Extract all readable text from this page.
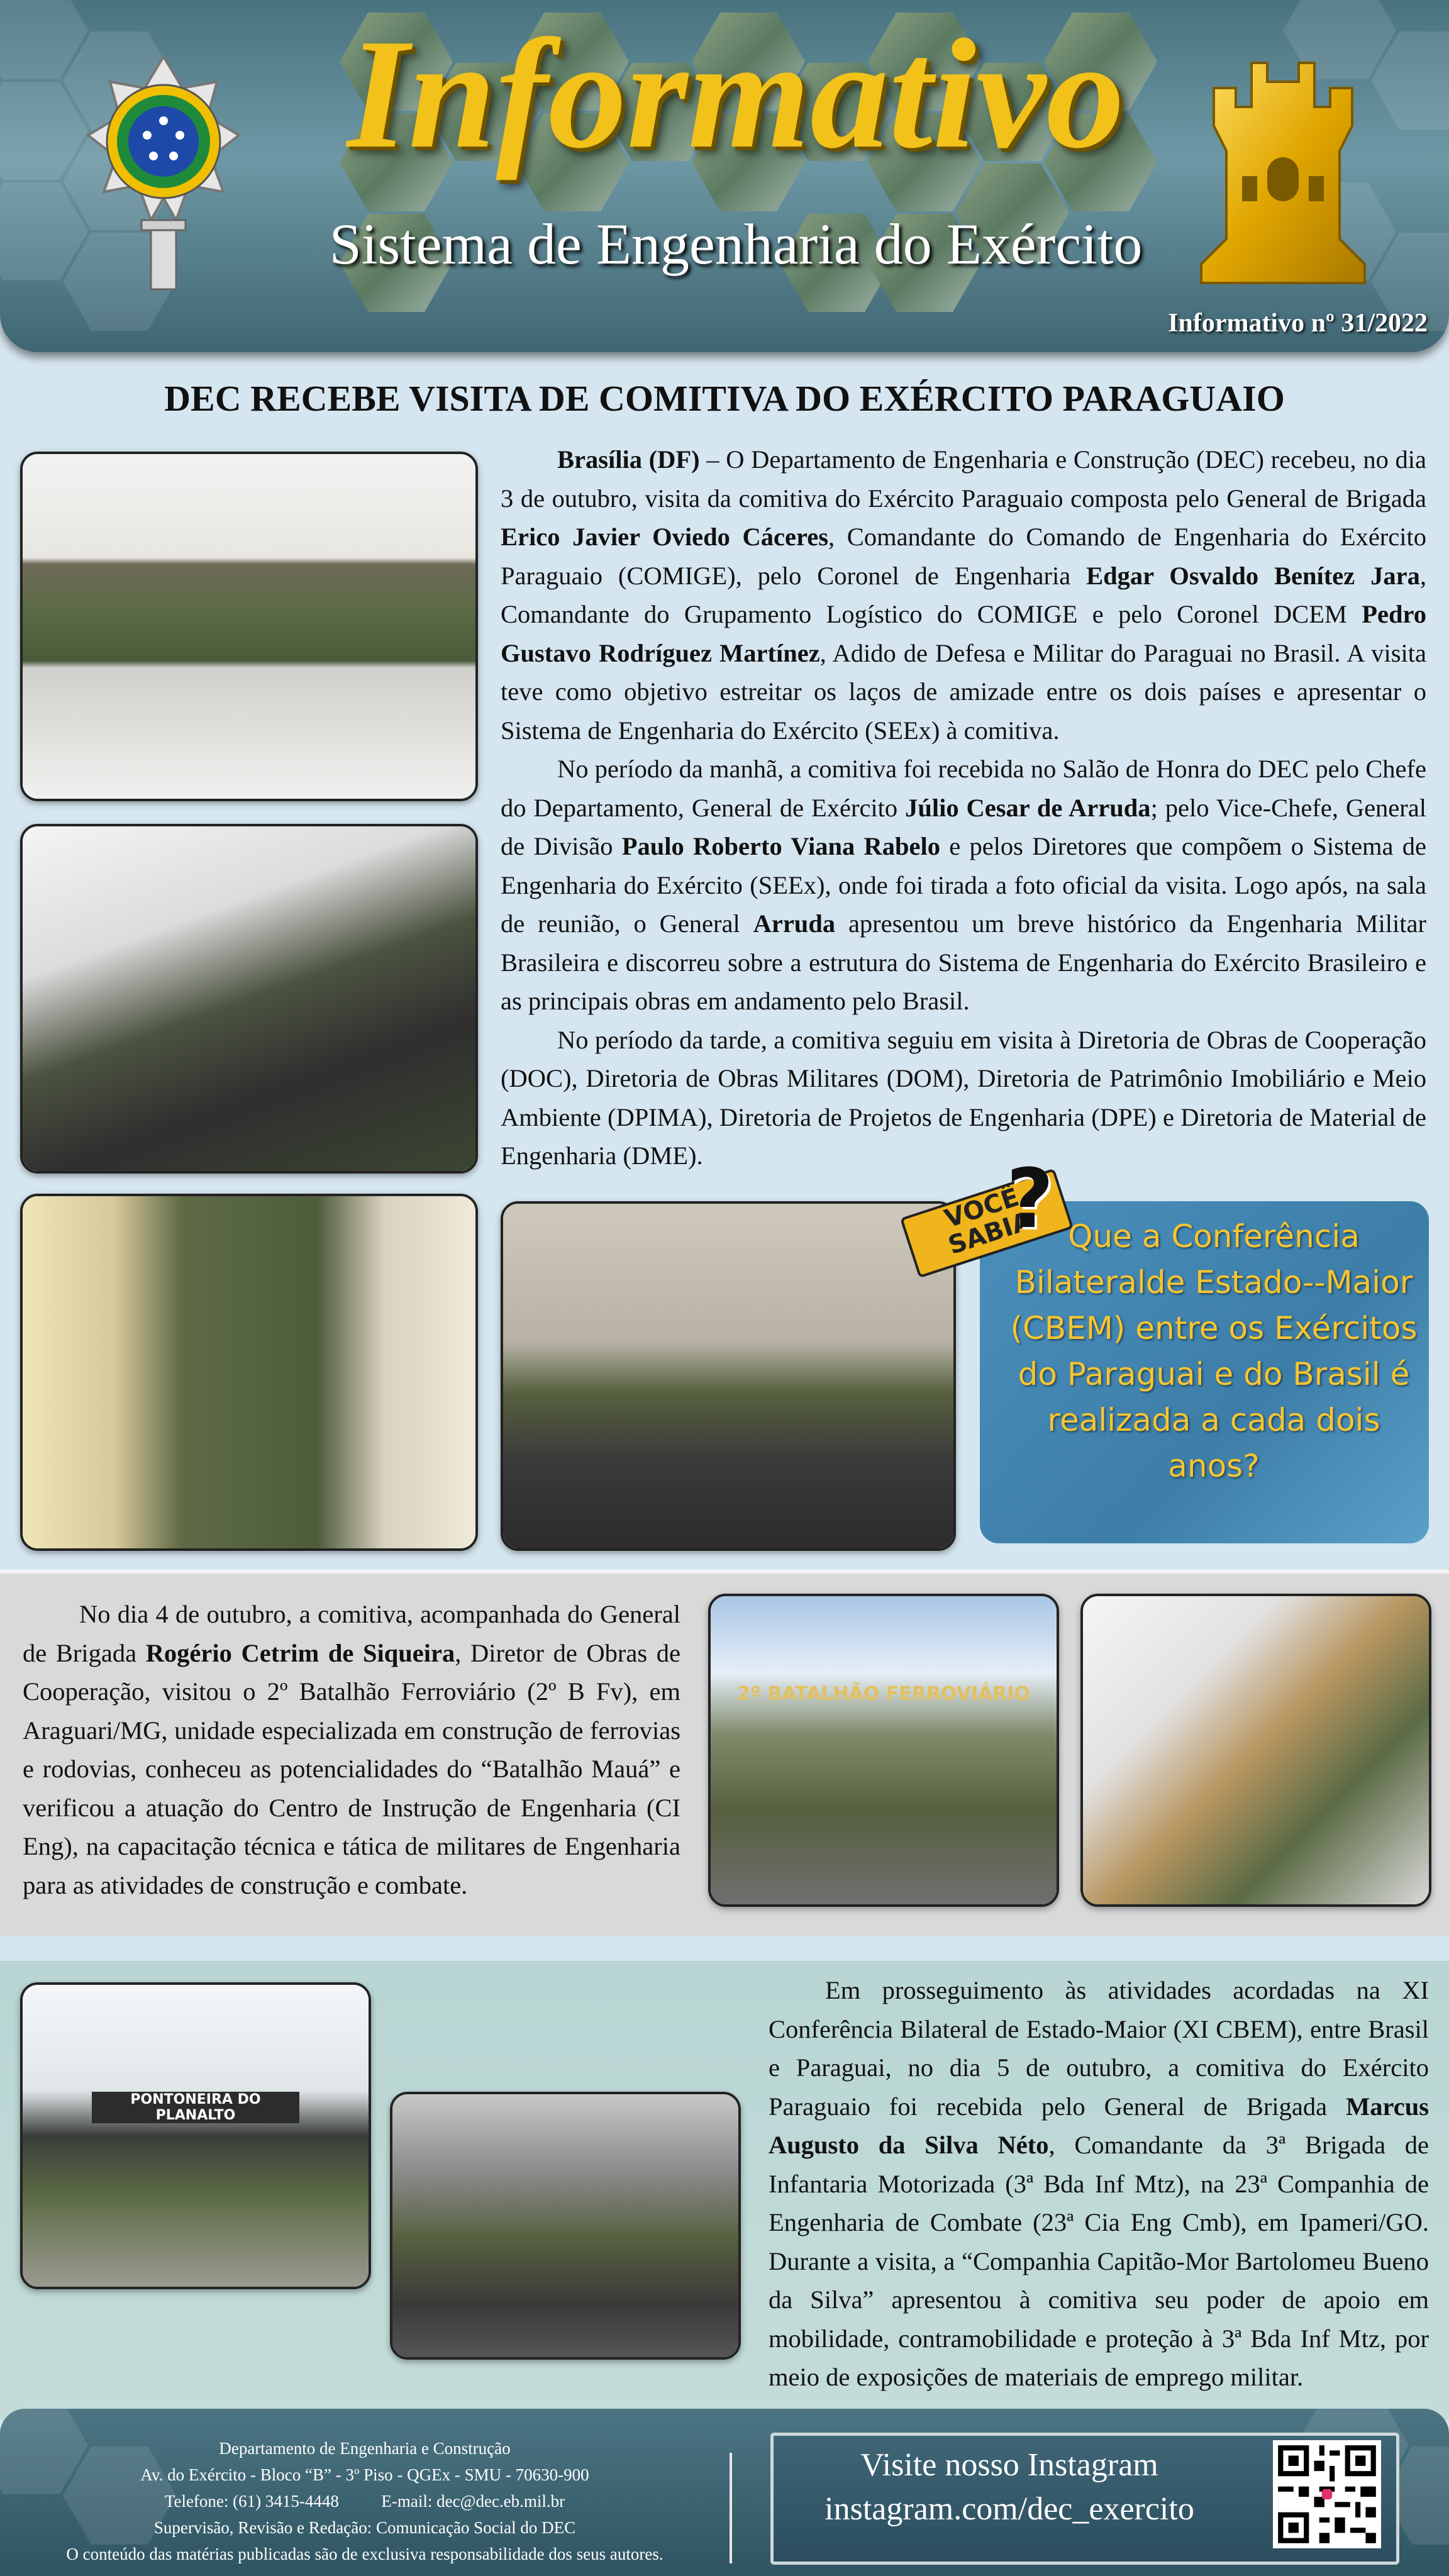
Informativo
Sistema de Engenharia do Exército
Informativo nº 31/2022
DEC RECEBE VISITA DE COMITIVA DO EXÉRCITO PARAGUAIO

Brasília (DF) – O Departamento de Engenharia e Construção (DEC) recebeu, no dia 3 de outubro, visita da comitiva do Exército Paraguaio composta pelo General de Brigada Erico Javier Oviedo Cáceres, Comandante do Comando de Engenharia do Exército Paraguaio (COMIGE), pelo Coronel de Engenharia Edgar Osvaldo Benítez Jara, Comandante do Grupamento Logístico do COMIGE e pelo Coronel DCEM Pedro Gustavo Rodríguez Martínez, Adido de Defesa e Militar do Paraguai no Brasil. A visita teve como objetivo estreitar os laços de amizade entre os dois países e apresentar o Sistema de Engenharia do Exército (SEEx) à comitiva.

No período da manhã, a comitiva foi recebida no Salão de Honra do DEC pelo Chefe do Departamento, General de Exército Júlio Cesar de Arruda; pelo Vice-Chefe, General de Divisão Paulo Roberto Viana Rabelo e pelos Diretores que compõem o Sistema de Engenharia do Exército (SEEx), onde foi tirada a foto oficial da visita. Logo após, na sala de reunião, o General Arruda apresentou um breve histórico da Engenharia Militar Brasileira e discorreu sobre a estrutura do Sistema de Engenharia do Exército Brasileiro e as principais obras em andamento pelo Brasil.

No período da tarde, a comitiva seguiu em visita à Diretoria de Obras de Cooperação (DOC), Diretoria de Obras Militares (DOM), Diretoria de Patrimônio Imobiliário e Meio Ambiente (DPIMA), Diretoria de Projetos de Engenharia (DPE) e Diretoria de Material de Engenharia (DME).

Que a Conferência Bilateralde Estado--Maior (CBEM) entre os Exércitos do Paraguai e do Brasil é realizada a cada dois anos?
VOCÊ SABIA
?

No dia 4 de outubro, a comitiva, acompanhada do General de Brigada Rogério Cetrim de Siqueira, Diretor de Obras de Cooperação, visitou o 2º Batalhão Ferroviário (2º B Fv), em Araguari/MG, unidade especializada em construção de ferrovias e rodovias, conheceu as potencialidades do “Batalhão Mauá” e verificou a atuação do Centro de Instrução de Engenharia (CI Eng), na capacitação técnica e tática de militares de Engenharia para as atividades de construção e combate.

2º BATALHÃO FERROVIÁRIO
PONTONEIRA DO PLANALTO

Em prosseguimento às atividades acordadas na XI Conferência Bilateral de Estado-Maior (XI CBEM), entre Brasil e Paraguai, no dia 5 de outubro, a comitiva do Exército Paraguaio foi recebida pelo General de Brigada Marcus Augusto da Silva Néto, Comandante da 3ª Brigada de Infantaria Motorizada (3ª Bda Inf Mtz), na 23ª Companhia de Engenharia de Combate (23ª Cia Eng Cmb), em Ipameri/GO. Durante a visita, a “Companhia Capitão-Mor Bartolomeu Bueno da Silva” apresentou à comitiva seu poder de apoio em mobilidade, contramobilidade e proteção à 3ª Bda Inf Mtz, por meio de exposições de materiais de emprego militar.

Departamento de Engenharia e Construção
Av. do Exército - Bloco “B” - 3º Piso - QGEx - SMU - 70630-900
Telefone: (61) 3415-4448          E-mail: dec@dec.eb.mil.br
Supervisão, Revisão e Redação: Comunicação Social do DEC
O conteúdo das matérias publicadas são de exclusiva responsabilidade dos seus autores.
Visite nosso Instagram
instagram.com/dec_exercito
